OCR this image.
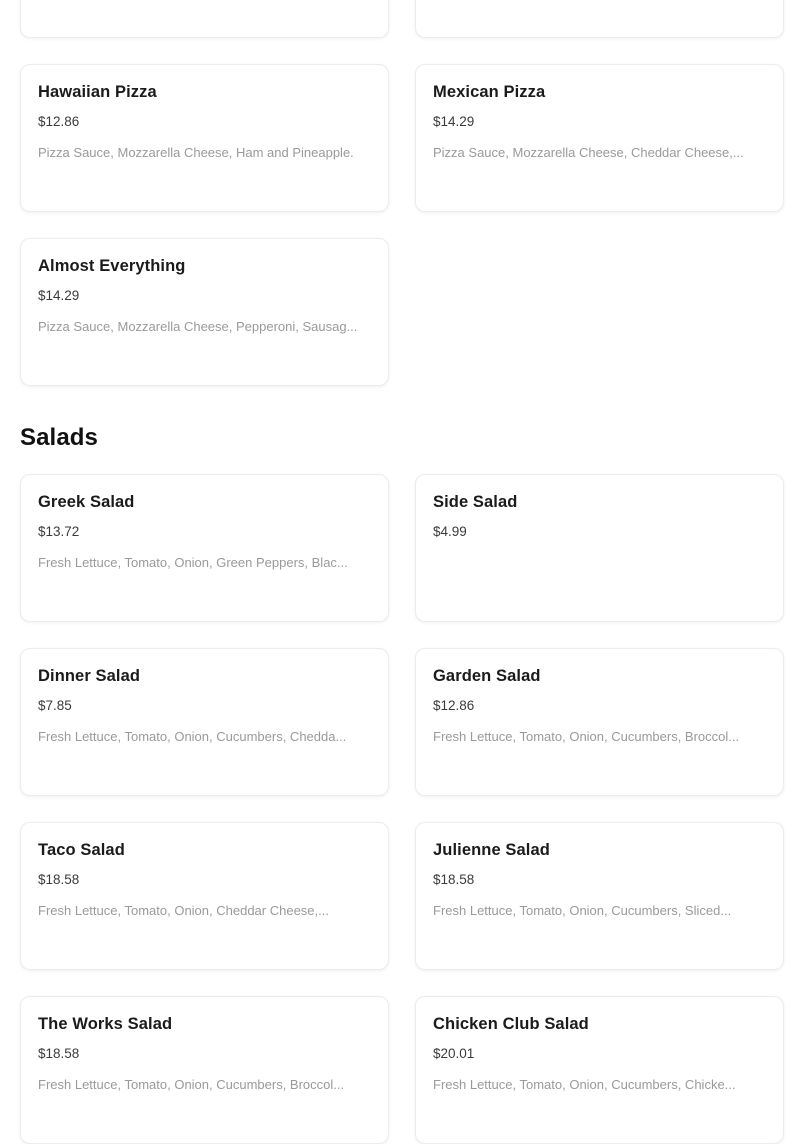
Hawaiian Pizza
$12.86
Pizza Sauce, Mozzarella Cheese, Ham and Pineapple.
Mexican Pizza
$14.29
Pizza Sauce, Mozzarella Cheese, Cheddar Cheese,...
Almost Everything
$14.29
Pizza Sauce, Mozzarella Cheese, Pepperoni, Sausag...
Salads
Greek Salad
$13.72
Fresh Lettuce, Tomato, Onion, Green Peppers, Blac...
Side Salad
$4.99
Dinner Salad
$7.85
Fresh Lettuce, Tomato, Onion, Cucumbers, Chedda...
Garden Salad
$12.86
Fresh Lettuce, Tomato, Onion, Cucumbers, Broccol...
Taco Salad
$18.58
Fresh Lettuce, Tomato, Onion, Cheddar Cheese,...
Julienne Salad
$18.58
Fresh Lettuce, Tomato, Onion, Cucumbers, Sliced...
The Works Salad
$18.58
Fresh Lettuce, Tomato, Onion, Cucumbers, Broccol...
Chicken Club Salad
$20.01
Fresh Lettuce, Tomato, Onion, Cucumbers, Chicke...
